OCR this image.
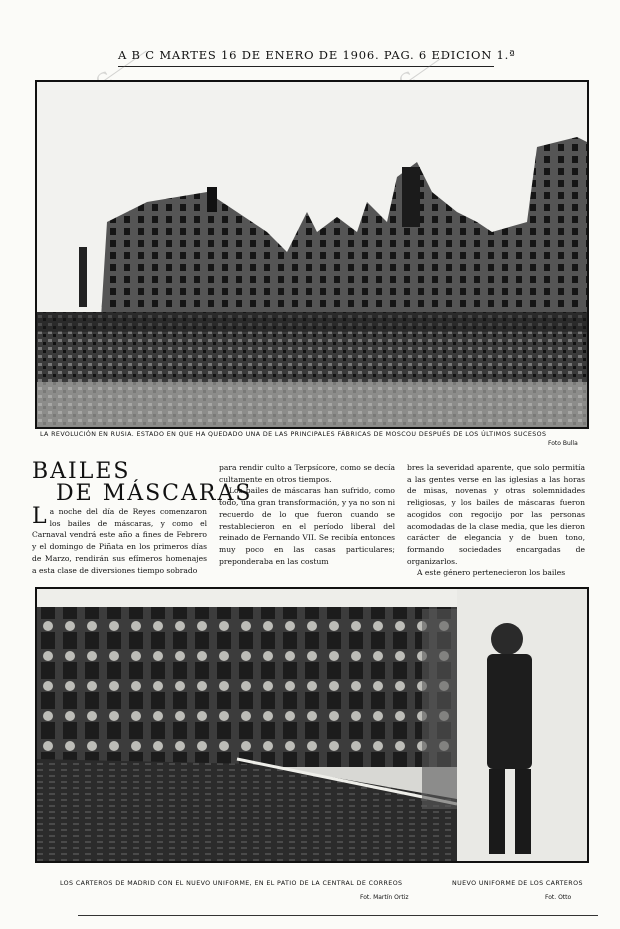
A B C MARTES 16 DE ENERO DE 1906. PAG. 6 EDICION 1.ª
LA REVOLUCIÓN EN RUSIA. ESTADO EN QUE HA QUEDADO UNA DE LAS PRINCIPALES FÁBRICAS DE MOSCOU DESPUÉS DE LOS ÚLTIMOS SUCESOS
Foto Bulla
BAILES
DE MÁSCARAS

La noche del día de Reyes comenzaron los bailes de máscaras, y como el Carnaval vendrá este año a fines de Febrero y el domingo de Piñata en los primeros días de Marzo, rendirán sus efímeros homenajes a esta clase de diversiones tiempo sobrado

para rendir culto a Terpsícore, como se decía cultamente en otros tiempos.

Los bailes de máscaras han sufrido, como todo, una gran transformación, y ya no son ni recuerdo de lo que fueron cuando se restablecieron en el período liberal del reinado de Fernando VII. Se recibía entonces muy poco en las casas particulares; preponderaba en las costum

bres la severidad aparente, que solo permitía a las gentes verse en las iglesias a las horas de misas, novenas y otras solemnidades religiosas, y los bailes de máscaras fueron acogidos con regocijo por las personas acomodadas de la clase media, que les dieron carácter de elegancia y de buen tono, formando sociedades encargadas de organizarlos.

A este género pertenecieron los bailes

LOS CARTEROS DE MADRID CON EL NUEVO UNIFORME, EN EL PATIO DE LA CENTRAL DE CORREOS
Fot. Martín Ortiz
NUEVO UNIFORME DE LOS CARTEROS
Fot. Otto
